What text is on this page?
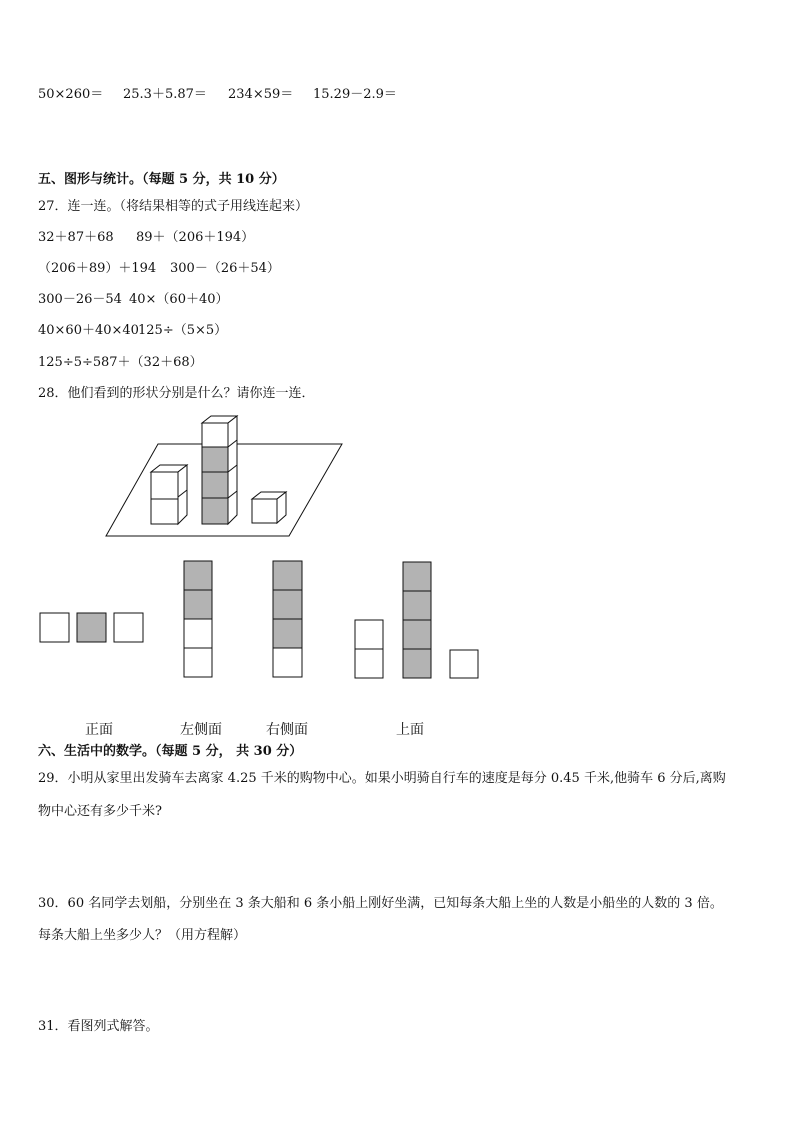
50×260＝ 25.3＋5.87＝ 234×59＝ 15.29－2.9＝
五、图形与统计。（每题 5 分，共 10 分）
27．连一连。（将结果相等的式子用线连起来）
32＋87＋68 89＋（206＋194）
（206＋89）＋194 300－（26＋54）
300－26－54 40×（60＋40）
40×60＋40×40 125÷（5×5）
125÷5÷5 87＋（32＋68）
28．他们看到的形状分别是什么？请你连一连．
正面	左侧面	右侧面	上面
六、生活中的数学。（每题 5 分， 共 30 分）
29．小明从家里出发骑车去离家 4.25 千米的购物中心。如果小明骑自行车的速度是每分 0.45 千米,他骑车 6 分后,离购
物中心还有多少千米?
30．60 名同学去划船，分别坐在 3 条大船和 6 条小船上刚好坐满，已知每条大船上坐的人数是小船坐的人数的 3 倍。
每条大船上坐多少人？（用方程解）
31．看图列式解答。
